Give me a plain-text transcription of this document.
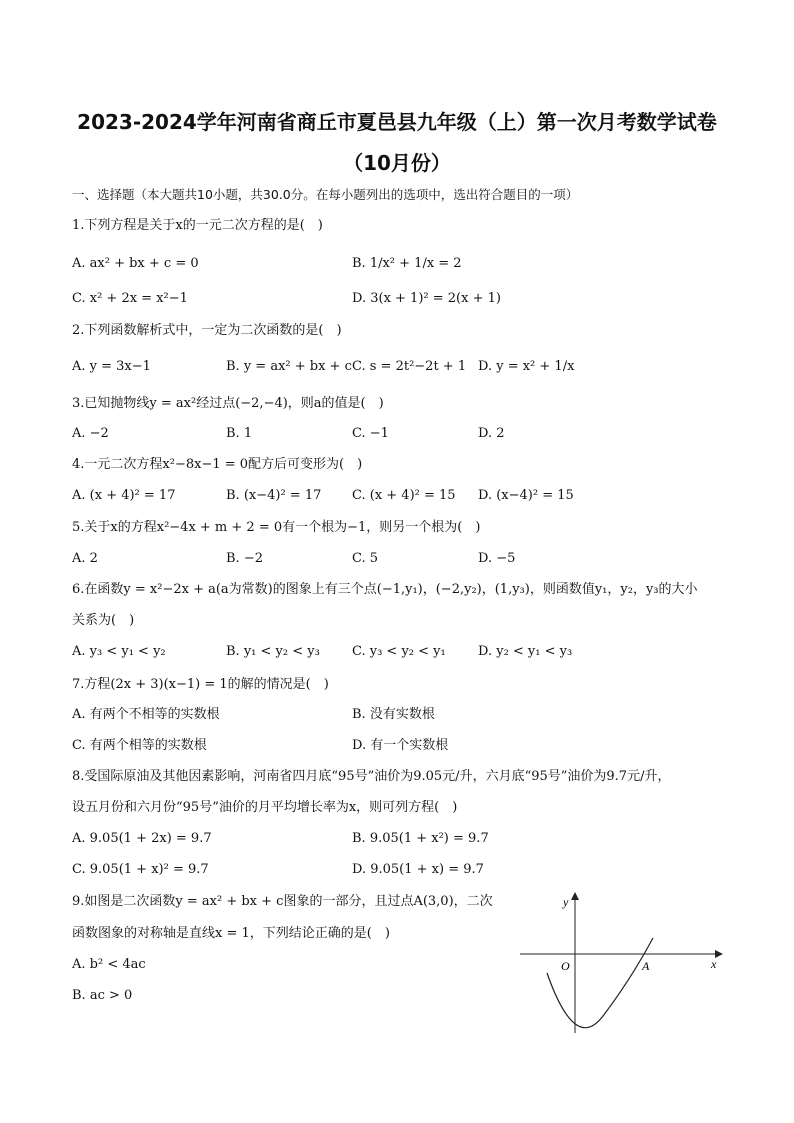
2023-2024学年河南省商丘市夏邑县九年级（上）第一次月考数学试卷
（10月份）
一、选择题（本大题共10小题，共30.0分。在每小题列出的选项中，选出符合题目的一项）
1.下列方程是关于x的一元二次方程的是(　)
A. ax² + bx + c = 0	B. 1/x² + 1/x = 2
C. x² + 2x = x²−1	D. 3(x + 1)² = 2(x + 1)
2.下列函数解析式中，一定为二次函数的是(　)
A. y = 3x−1	B. y = ax² + bx + c C. s = 2t²−2t + 1 D. y = x² + 1/x
3.已知抛物线y = ax²经过点(−2,−4)，则a的值是(　)
A. −2	B. 1	C. −1	D. 2
4.一元二次方程x²−8x−1 = 0配方后可变形为(　)
A. (x + 4)² = 17	B. (x−4)² = 17 C. (x + 4)² = 15 D. (x−4)² = 15
5.关于x的方程x²−4x + m + 2 = 0有一个根为−1，则另一个根为(　)
A. 2	B. −2	C. 5	D. −5
6.在函数y = x²−2x + a(a为常数)的图象上有三个点(−1,y₁)，(−2,y₂)，(1,y₃)，则函数值y₁，y₂，y₃的大小
关系为(　)
A. y₃ < y₁ < y₂	B. y₁ < y₂ < y₃ C. y₃ < y₂ < y₁ D. y₂ < y₁ < y₃
7.方程(2x + 3)(x−1) = 1的解的情况是(　)
A. 有两个不相等的实数根	B. 没有实数根
C. 有两个相等的实数根	D. 有一个实数根
8.受国际原油及其他因素影响，河南省四月底“95号”油价为9.05元/升，六月底“95号”油价为9.7元/升，
设五月份和六月份“95号”油价的月平均增长率为x，则可列方程(　)
A. 9.05(1 + 2x) = 9.7	B. 9.05(1 + x²) = 9.7
C. 9.05(1 + x)² = 9.7	D. 9.05(1 + x) = 9.7
9.如图是二次函数y = ax² + bx + c图象的一部分，且过点A(3,0)，二次
函数图象的对称轴是直线x = 1，下列结论正确的是(　)
A. b² < 4ac
B. ac > 0
y
x
O	A
